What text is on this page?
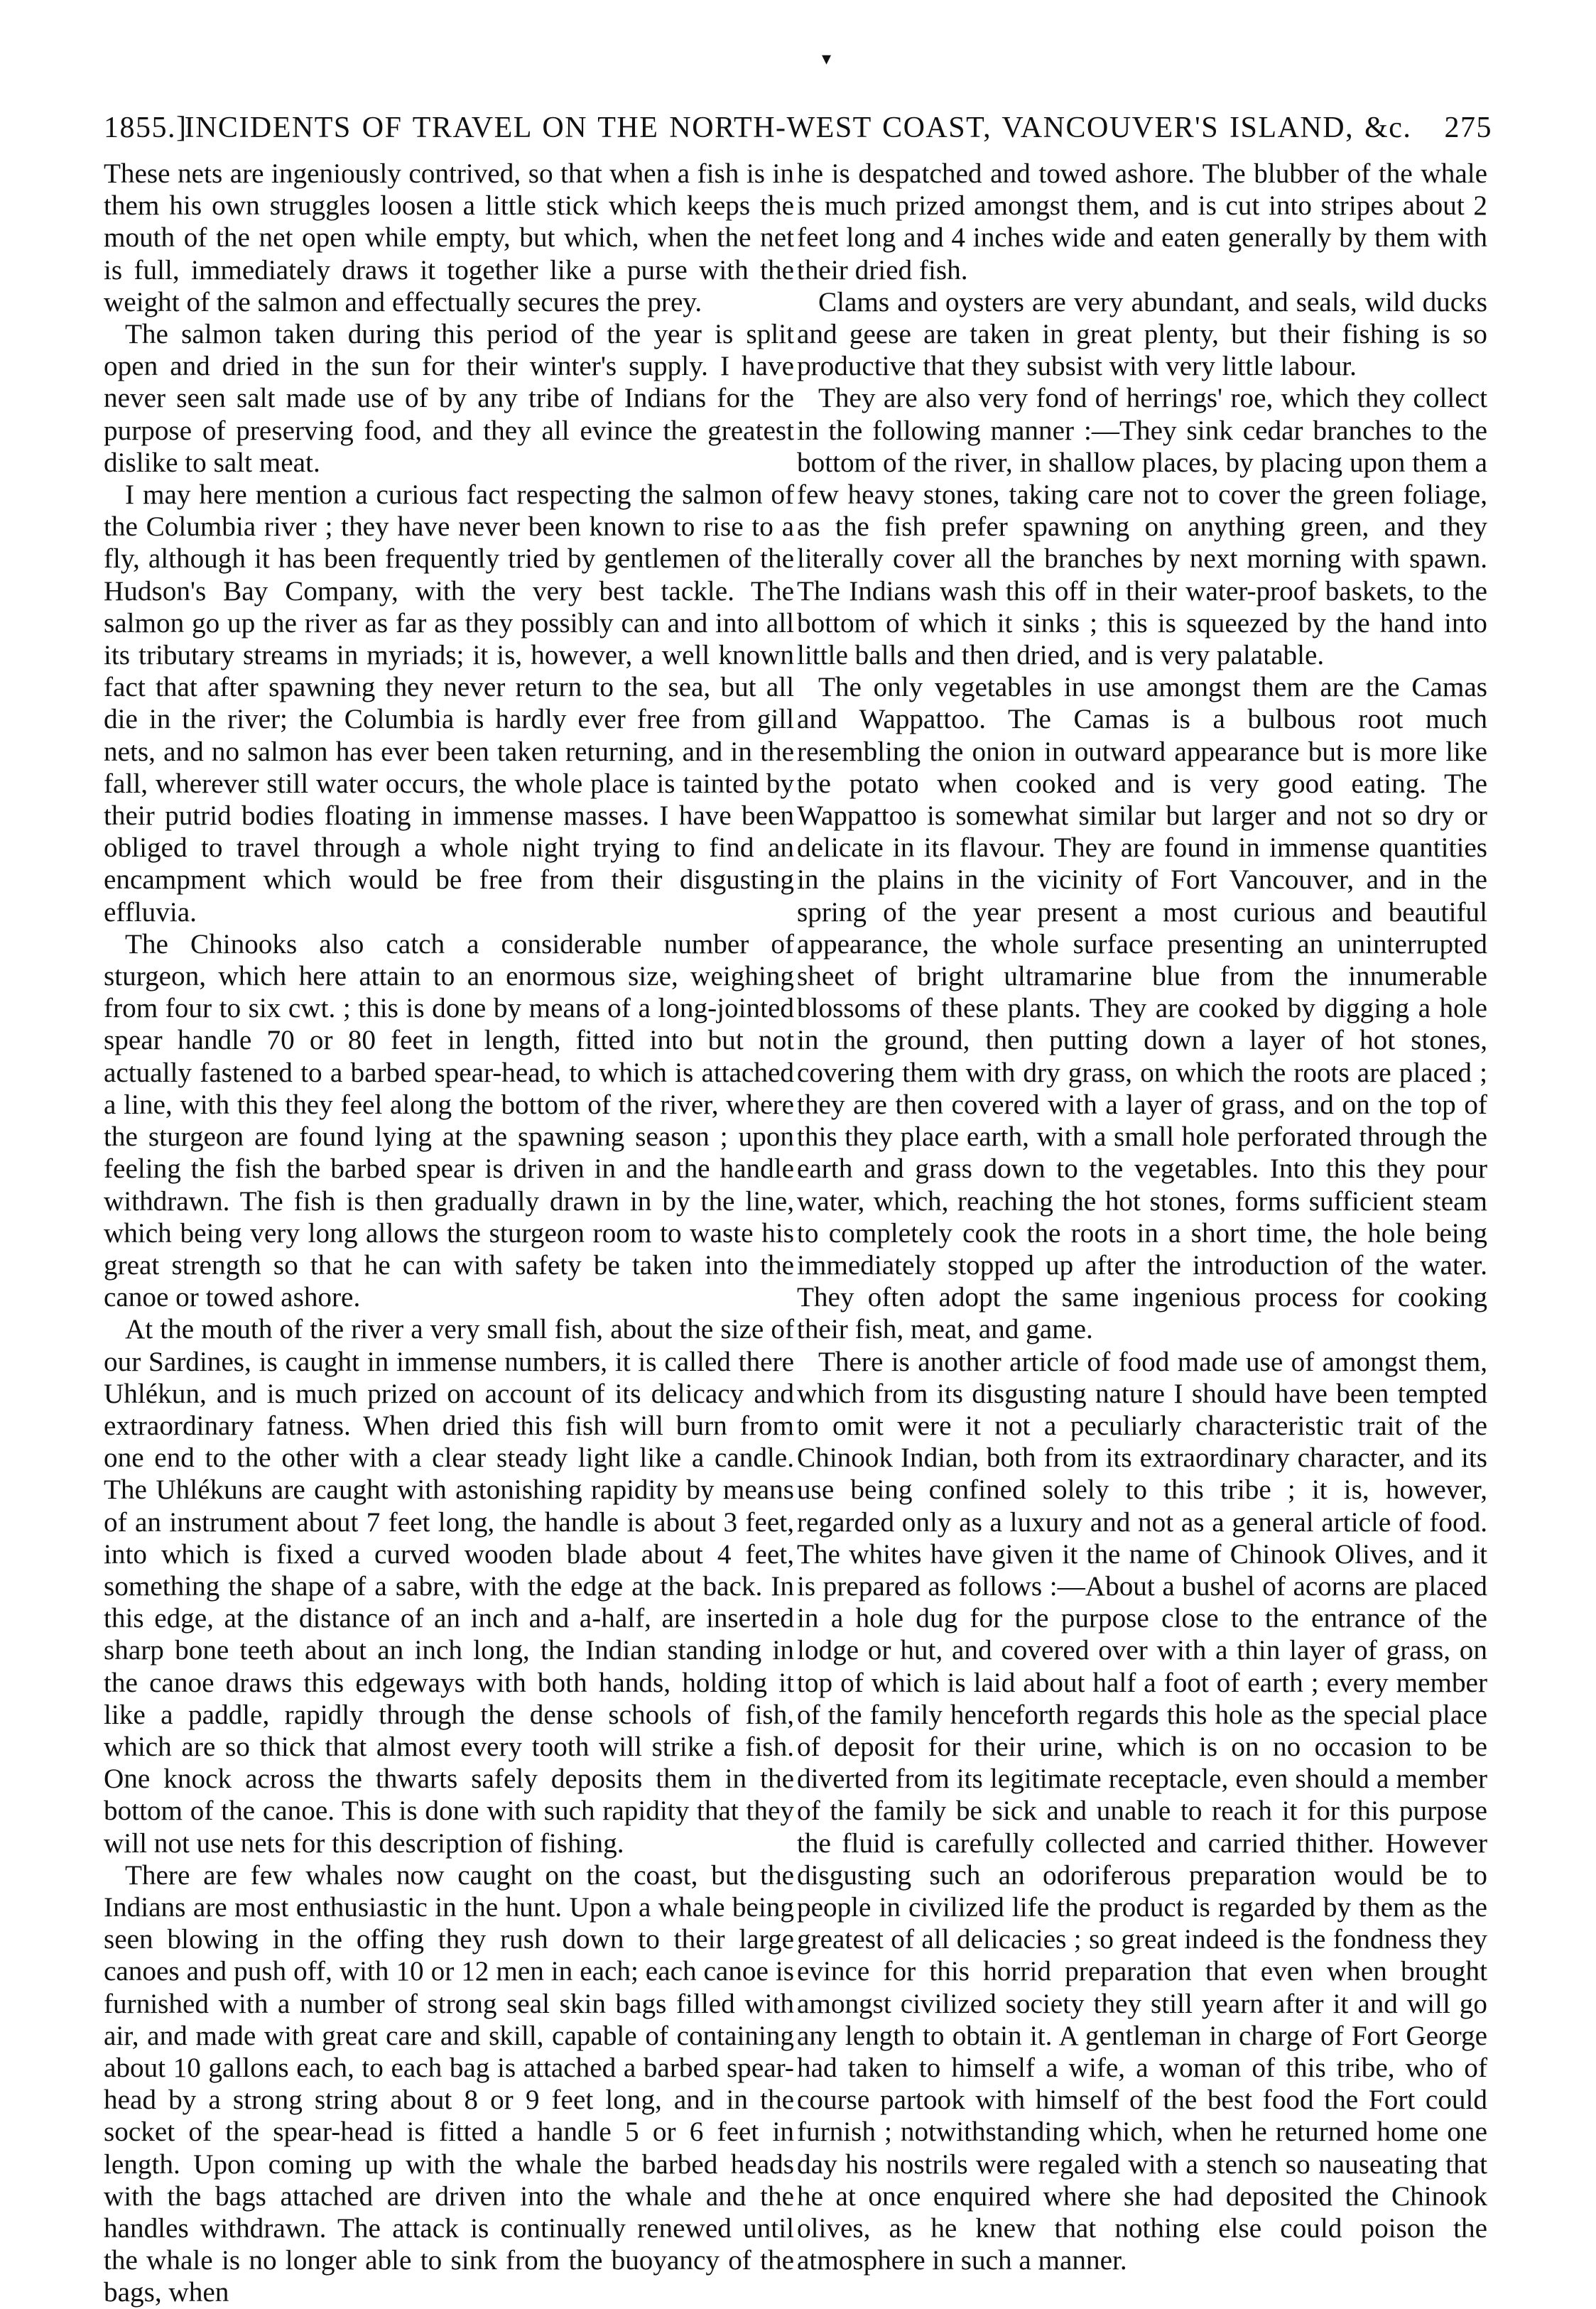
▾
1855.]
INCIDENTS OF TRAVEL ON THE NORTH-WEST COAST, VANCOUVER'S ISLAND, &c.	275

These nets are ingeniously contrived, so that when a fish is in them his own struggles loosen a little stick which keeps the mouth of the net open while empty, but which, when the net is full, immediately draws it together like a purse with the weight of the salmon and effectually secures the prey.

The salmon taken during this period of the year is split open and dried in the sun for their winter's supply. I have never seen salt made use of by any tribe of Indians for the purpose of preserving food, and they all evince the greatest dislike to salt meat.

I may here mention a curious fact respecting the salmon of the Columbia river ; they have never been known to rise to a fly, although it has been frequently tried by gentlemen of the Hudson's Bay Company, with the very best tackle. The salmon go up the river as far as they possibly can and into all its tributary streams in myriads; it is, however, a well known fact that after spawning they never return to the sea, but all die in the river; the Columbia is hardly ever free from gill nets, and no salmon has ever been taken returning, and in the fall, wherever still water occurs, the whole place is tainted by their putrid bodies floating in immense masses. I have been obliged to travel through a whole night trying to find an encampment which would be free from their disgusting effluvia.

The Chinooks also catch a considerable number of sturgeon, which here attain to an enormous size, weighing from four to six cwt. ; this is done by means of a long-jointed spear handle 70 or 80 feet in length, fitted into but not actually fastened to a barbed spear-head, to which is attached a line, with this they feel along the bottom of the river, where the sturgeon are found lying at the spawning season ; upon feeling the fish the barbed spear is driven in and the handle withdrawn. The fish is then gradually drawn in by the line, which being very long allows the sturgeon room to waste his great strength so that he can with safety be taken into the canoe or towed ashore.

At the mouth of the river a very small fish, about the size of our Sardines, is caught in immense numbers, it is called there Uhlékun, and is much prized on account of its delicacy and extraordinary fatness. When dried this fish will burn from one end to the other with a clear steady light like a candle. The Uhlékuns are caught with astonishing rapidity by means of an instrument about 7 feet long, the handle is about 3 feet, into which is fixed a curved wooden blade about 4 feet, something the shape of a sabre, with the edge at the back. In this edge, at the distance of an inch and a-half, are inserted sharp bone teeth about an inch long, the Indian standing in the canoe draws this edgeways with both hands, holding it like a paddle, rapidly through the dense schools of fish, which are so thick that almost every tooth will strike a fish. One knock across the thwarts safely deposits them in the bottom of the canoe. This is done with such rapidity that they will not use nets for this description of fishing.

There are few whales now caught on the coast, but the Indians are most enthusiastic in the hunt. Upon a whale being seen blowing in the offing they rush down to their large canoes and push off, with 10 or 12 men in each; each canoe is furnished with a number of strong seal skin bags filled with air, and made with great care and skill, capable of containing about 10 gallons each, to each bag is attached a barbed spear-head by a strong string about 8 or 9 feet long, and in the socket of the spear-head is fitted a handle 5 or 6 feet in length. Upon coming up with the whale the barbed heads with the bags attached are driven into the whale and the handles withdrawn. The attack is continually renewed until the whale is no longer able to sink from the buoyancy of the bags, when

he is despatched and towed ashore. The blubber of the whale is much prized amongst them, and is cut into stripes about 2 feet long and 4 inches wide and eaten generally by them with their dried fish.

Clams and oysters are very abundant, and seals, wild ducks and geese are taken in great plenty, but their fishing is so productive that they subsist with very little labour.

They are also very fond of herrings' roe, which they collect in the following manner :—They sink cedar branches to the bottom of the river, in shallow places, by placing upon them a few heavy stones, taking care not to cover the green foliage, as the fish prefer spawning on anything green, and they literally cover all the branches by next morning with spawn. The Indians wash this off in their water-proof baskets, to the bottom of which it sinks ; this is squeezed by the hand into little balls and then dried, and is very palatable.

The only vegetables in use amongst them are the Camas and Wappattoo. The Camas is a bulbous root much resembling the onion in outward appearance but is more like the potato when cooked and is very good eating. The Wappattoo is somewhat similar but larger and not so dry or delicate in its flavour. They are found in immense quantities in the plains in the vicinity of Fort Vancouver, and in the spring of the year present a most curious and beautiful appearance, the whole surface presenting an uninterrupted sheet of bright ultramarine blue from the innumerable blossoms of these plants. They are cooked by digging a hole in the ground, then putting down a layer of hot stones, covering them with dry grass, on which the roots are placed ; they are then covered with a layer of grass, and on the top of this they place earth, with a small hole perforated through the earth and grass down to the vegetables. Into this they pour water, which, reaching the hot stones, forms sufficient steam to completely cook the roots in a short time, the hole being immediately stopped up after the introduction of the water. They often adopt the same ingenious process for cooking their fish, meat, and game.

There is another article of food made use of amongst them, which from its disgusting nature I should have been tempted to omit were it not a peculiarly characteristic trait of the Chinook Indian, both from its extraordinary character, and its use being confined solely to this tribe ; it is, however, regarded only as a luxury and not as a general article of food. The whites have given it the name of Chinook Olives, and it is prepared as follows :—About a bushel of acorns are placed in a hole dug for the purpose close to the entrance of the lodge or hut, and covered over with a thin layer of grass, on top of which is laid about half a foot of earth ; every member of the family henceforth regards this hole as the special place of deposit for their urine, which is on no occasion to be diverted from its legitimate receptacle, even should a member of the family be sick and unable to reach it for this purpose the fluid is carefully collected and carried thither. However disgusting such an odoriferous preparation would be to people in civilized life the product is regarded by them as the greatest of all delicacies ; so great indeed is the fondness they evince for this horrid preparation that even when brought amongst civilized society they still yearn after it and will go any length to obtain it. A gentleman in charge of Fort George had taken to himself a wife, a woman of this tribe, who of course partook with himself of the best food the Fort could furnish ; notwithstanding which, when he returned home one day his nostrils were regaled with a stench so nauseating that he at once enquired where she had deposited the Chinook olives, as he knew that nothing else could poison the atmosphere in such a manner.
